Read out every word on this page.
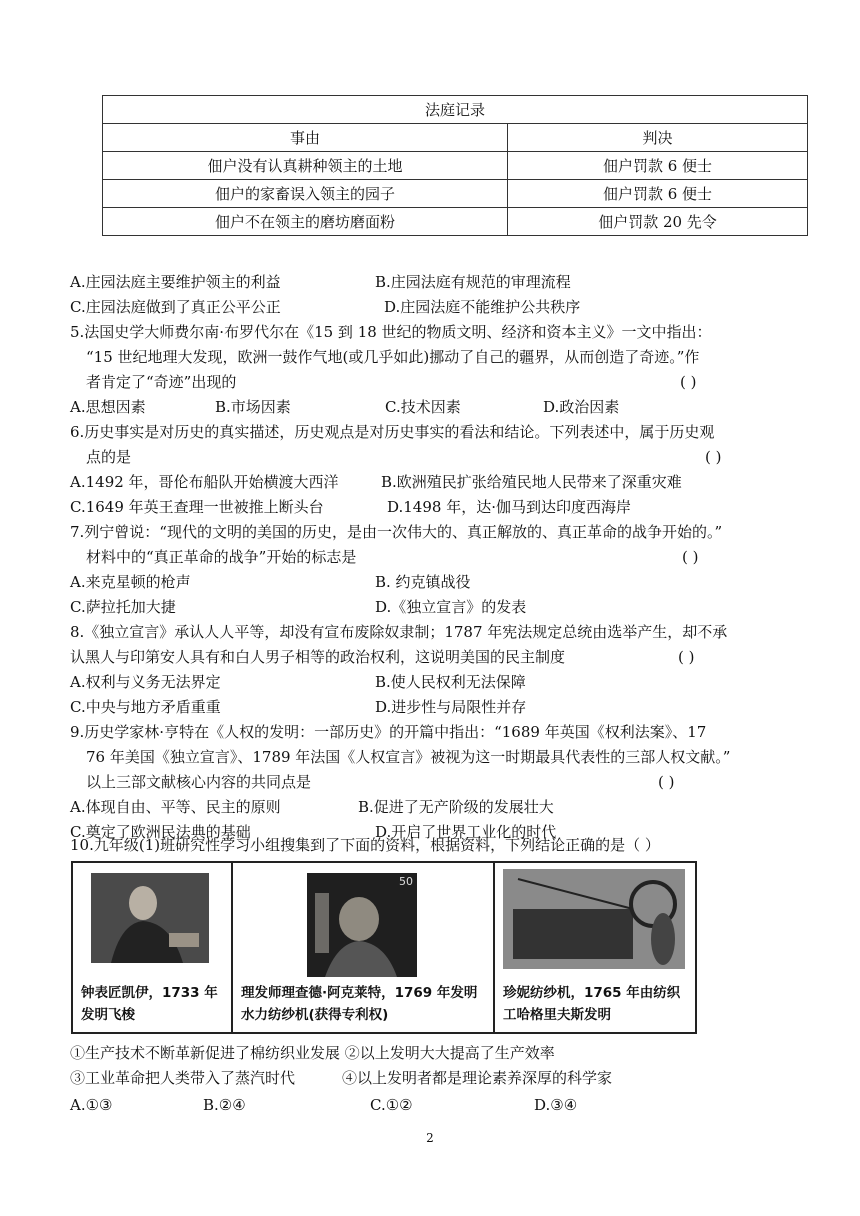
法庭记录	
事由	判决
佃户没有认真耕种领主的土地	佃户罚款 6 便士
佃户的家畜误入领主的园子	佃户罚款 6 便士
佃户不在领主的磨坊磨面粉	佃户罚款 20 先令
A.庄园法庭主要维护领主的利益	B.庄园法庭有规范的审理流程
C.庄园法庭做到了真正公平公正	D.庄园法庭不能维护公共秩序
5.法国史学大师费尔南·布罗代尔在《15 到 18 世纪的物质文明、经济和资本主义》一文中指出：
“15 世纪地理大发现，欧洲一鼓作气地(或几乎如此)挪动了自己的疆界，从而创造了奇迹。”作
者肯定了“奇迹”出现的	( )
A.思想因素	B.市场因素	C.技术因素	D.政治因素
6.历史事实是对历史的真实描述，历史观点是对历史事实的看法和结论。下列表述中，属于历史观
点的是	( )
A.1492 年，哥伦布船队开始横渡大西洋	B.欧洲殖民扩张给殖民地人民带来了深重灾难
C.1649 年英王查理一世被推上断头台	D.1498 年，达·伽马到达印度西海岸
7.列宁曾说：“现代的文明的美国的历史，是由一次伟大的、真正解放的、真正革命的战争开始的。”
材料中的“真正革命的战争”开始的标志是	( )
A.来克星顿的枪声	B. 约克镇战役
C.萨拉托加大捷	D.《独立宣言》的发表
8.《独立宣言》承认人人平等，却没有宣布废除奴隶制；1787 年宪法规定总统由选举产生，却不承
认黑人与印第安人具有和白人男子相等的政治权利，这说明美国的民主制度	( )
A.权利与义务无法界定	B.使人民权利无法保障
C.中央与地方矛盾重重	D.进步性与局限性并存
9.历史学家林·亨特在《人权的发明：一部历史》的开篇中指出：“1689 年英国《权利法案》、17
76 年美国《独立宣言》、1789 年法国《人权宣言》被视为这一时期最具代表性的三部人权文献。”
以上三部文献核心内容的共同点是	( )
A.体现自由、平等、民主的原则	B.促进了无产阶级的发展壮大
C.奠定了欧洲民法典的基础	D.开启了世界工业化的时代
10.九年级(1)班研究性学习小组搜集到了下面的资料，根据资料，下列结论正确的是（ ）
钟表匠凯伊，1733 年发明飞梭
50
理发师理查德·阿克莱特，1769 年发明水力纺纱机(获得专利权)
珍妮纺纱机，1765 年由纺织工哈格里夫斯发明
①生产技术不断革新促进了棉纺织业发展 ②以上发明大大提高了生产效率
③工业革命把人类带入了蒸汽时代	④以上发明者都是理论素养深厚的科学家
A.①③	B.②④	C.①②	D.③④
2
